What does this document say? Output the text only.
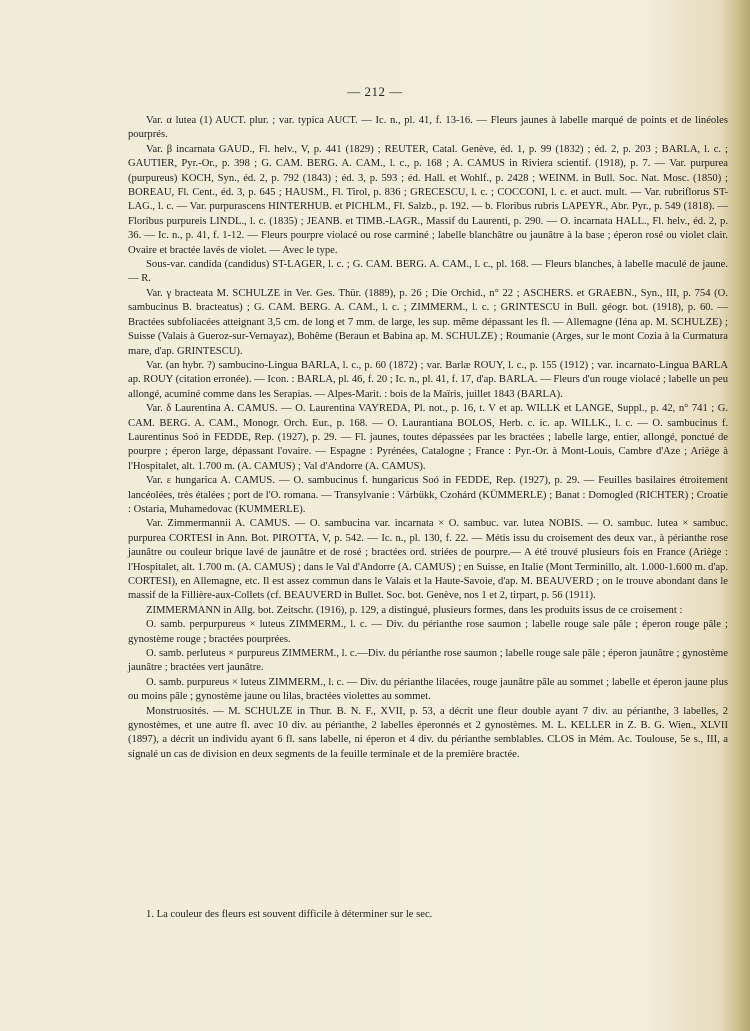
— 212 —

Var. α lutea (1) AUCT. plur. ; var. typica AUCT. — Ic. n., pl. 41, f. 13-16. — Fleurs jaunes à labelle marqué de points et de linéoles pourprés.

Var. β incarnata GAUD., Fl. helv., V, p. 441 (1829) ; REUTER, Catal. Genève, éd. 1, p. 99 (1832) ; éd. 2, p. 203 ; BARLA, l. c. ; GAUTIER, Pyr.-Or., p. 398 ; G. CAM. BERG. A. CAM., l. c., p. 168 ; A. CAMUS in Riviera scientif. (1918), p. 7. — Var. purpurea (purpureus) KOCH, Syn., éd. 2, p. 792 (1843) ; éd. 3, p. 593 ; éd. Hall. et Wohlf., p. 2428 ; WEINM. in Bull. Soc. Nat. Mosc. (1850) ; BOREAU, Fl. Cent., éd. 3, p. 645 ; HAUSM., Fl. Tirol, p. 836 ; GRECESCU, l. c. ; COCCONI, l. c. et auct. mult. — Var. rubriflorus ST-LAG., l. c. — Var. purpurascens HINTERHUB. et PICHLM., Fl. Salzb., p. 192. — b. Floribus rubris LAPEYR., Abr. Pyr., p. 549 (1818). — Floribus purpureis LINDL., l. c. (1835) ; JEANB. et TIMB.-LAGR., Massif du Laurenti, p. 290. — O. incarnata HALL., Fl. helv., éd. 2, p. 36. — Ic. n., p. 41, f. 1-12. — Fleurs pourpre violacé ou rose carminé ; labelle blanchâtre ou jaunâtre à la base ; éperon rosé ou violet clair. Ovaire et bractée lavés de violet. — Avec le type.

Sous-var. candida (candidus) ST-LAGER, l. c. ; G. CAM. BERG. A. CAM., l. c., pl. 168. — Fleurs blanches, à labelle maculé de jaune. — R.

Var. γ bracteata M. SCHULZE in Ver. Ges. Thür. (1889), p. 26 ; Die Orchid., n° 22 ; ASCHERS. et GRAEBN., Syn., III, p. 754 (O. sambucinus B. bracteatus) ; G. CAM. BERG. A. CAM., l. c. ; ZIMMERM., l. c. ; GRINTESCU in Bull. géogr. bot. (1918), p. 60. — Bractées subfoliacées atteignant 3,5 cm. de long et 7 mm. de large, les sup. même dépassant les fl. — Allemagne (Iéna ap. M. SCHULZE) ; Suisse (Valais à Gueroz-sur-Vernayaz), Bohême (Beraun et Babina ap. M. SCHULZE) ; Roumanie (Arges, sur le mont Cozia à la Curmatura mare, d'ap. GRINTESCU).

Var. (an hybr. ?) sambucino-Lingua BARLA, l. c., p. 60 (1872) ; var. Barlæ ROUY, l. c., p. 155 (1912) ; var. incarnato-Lingua BARLA ap. ROUY (citation erronée). — Icon. : BARLA, pl. 46, f. 20 ; Ic. n., pl. 41, f. 17, d'ap. BARLA. — Fleurs d'un rouge violacé ; labelle un peu allongé, acuminé comme dans les Serapias. — Alpes-Marit. : bois de la Maïris, juillet 1843 (BARLA).

Var. δ Laurentina A. CAMUS. — O. Laurentina VAYREDA, Pl. not., p. 16, t. V et ap. WILLK et LANGE, Suppl., p. 42, n° 741 ; G. CAM. BERG. A. CAM., Monogr. Orch. Eur., p. 168. — O. Laurantiana BOLOS, Herb. c. ic. ap. WILLK., l. c. — O. sambucinus f. Laurentinus Soó in FEDDE, Rep. (1927), p. 29. — Fl. jaunes, toutes dépassées par les bractées ; labelle large, entier, allongé, ponctué de pourpre ; éperon large, dépassant l'ovaire. — Espagne : Pyrénées, Catalogne ; France : Pyr.-Or. à Mont-Louis, Cambre d'Aze ; Ariège à l'Hospitalet, alt. 1.700 m. (A. CAMUS) ; Val d'Andorre (A. CAMUS).

Var. ε hungarica A. CAMUS. — O. sambucinus f. hungaricus Soó in FEDDE, Rep. (1927), p. 29. — Feuilles basilaires étroitement lancéolées, très étalées ; port de l'O. romana. — Transylvanie : Várbükk, Czohárd (KÜMMERLE) ; Banat : Domogled (RICHTER) ; Croatie : Ostaria, Muhamedovac (KUMMERLE).

Var. Zimmermannii A. CAMUS. — O. sambucina var. incarnata × O. sambuc. var. lutea NOBIS. — O. sambuc. lutea × sambuc. purpurea CORTESI in Ann. Bot. PIROTTA, V, p. 542. — Ic. n., pl. 130, f. 22. — Métis issu du croisement des deux var., à périanthe rose jaunâtre ou couleur brique lavé de jaunâtre et de rosé ; bractées ord. striées de pourpre.— A été trouvé plusieurs fois en France (Ariège : l'Hospitalet, alt. 1.700 m. (A. CAMUS) ; dans le Val d'Andorre (A. CAMUS) ; en Suisse, en Italie (Mont Terminillo, alt. 1.000-1.600 m. d'ap. CORTESI), en Allemagne, etc. Il est assez commun dans le Valais et la Haute-Savoie, d'ap. M. BEAUVERD ; on le trouve abondant dans le massif de la Fillière-aux-Collets (cf. BEAUVERD in Bullet. Soc. bot. Genève, nos 1 et 2, tirpart, p. 56 (1911).

ZIMMERMANN in Allg. bot. Zeitschr. (1916), p. 129, a distingué, plusieurs formes, dans les produits issus de ce croisement :

O. samb. perpurpureus × luteus ZIMMERM., l. c. — Div. du périanthe rose saumon ; labelle rouge sale pâle ; éperon rouge pâle ; gynostème rouge ; bractées pourprées.

O. samb. perluteus × purpureus ZIMMERM., l. c.—Div. du périanthe rose saumon ; labelle rouge sale pâle ; éperon jaunâtre ; gynostème jaunâtre ; bractées vert jaunâtre.

O. samb. purpureus × luteus ZIMMERM., l. c. — Div. du périanthe lilacées, rouge jaunâtre pâle au sommet ; labelle et éperon jaune plus ou moins pâle ; gynostème jaune ou lilas, bractées violettes au sommet.

Monstruosités. — M. SCHULZE in Thur. B. N. F., XVII, p. 53, a décrit une fleur double ayant 7 div. au périanthe, 3 labelles, 2 gynostèmes, et une autre fl. avec 10 div. au périanthe, 2 labelles éperonnés et 2 gynostèmes. M. L. KELLER in Z. B. G. Wien., XLVII (1897), a décrit un individu ayant 6 fl. sans labelle, ni éperon et 4 div. du périanthe semblables. CLOS in Mém. Ac. Toulouse, 5e s., III, a signalé un cas de division en deux segments de la feuille terminale et de la première bractée.

1. La couleur des fleurs est souvent difficile à déterminer sur le sec.
